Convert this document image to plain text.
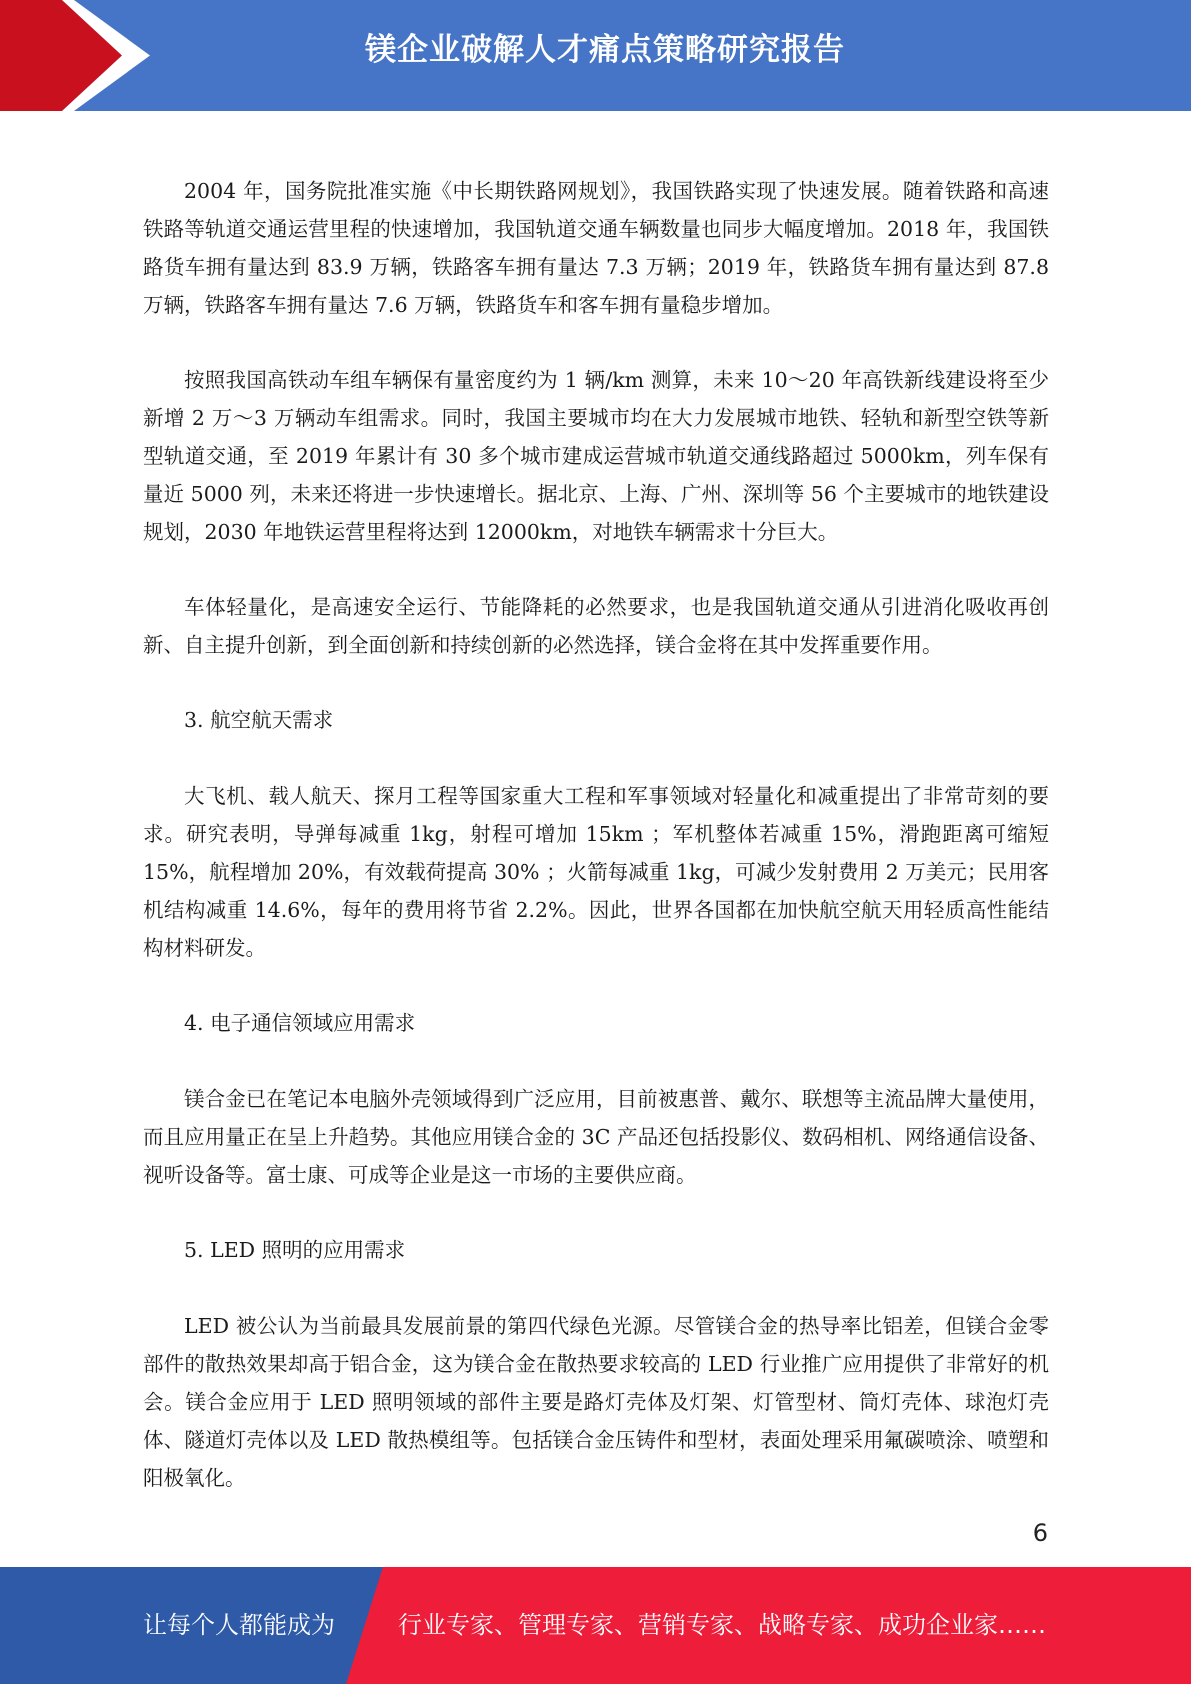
镁企业破解人才痛点策略研究报告

2004 年，国务院批准实施《中长期铁路网规划》，我国铁路实现了快速发展。随着铁路和高速铁路等轨道交通运营里程的快速增加，我国轨道交通车辆数量也同步大幅度增加。2018 年，我国铁路货车拥有量达到 83.9 万辆，铁路客车拥有量达 7.3 万辆；2019 年，铁路货车拥有量达到 87.8 万辆，铁路客车拥有量达 7.6 万辆，铁路货车和客车拥有量稳步增加。

按照我国高铁动车组车辆保有量密度约为 1 辆/km 测算，未来 10～20 年高铁新线建设将至少新增 2 万～3 万辆动车组需求。同时，我国主要城市均在大力发展城市地铁、轻轨和新型空铁等新型轨道交通，至 2019 年累计有 30 多个城市建成运营城市轨道交通线路超过 5000km，列车保有量近 5000 列，未来还将进一步快速增长。据北京、上海、广州、深圳等 56 个主要城市的地铁建设规划，2030 年地铁运营里程将达到 12000km，对地铁车辆需求十分巨大。

车体轻量化，是高速安全运行、节能降耗的必然要求，也是我国轨道交通从引进消化吸收再创新、自主提升创新，到全面创新和持续创新的必然选择，镁合金将在其中发挥重要作用。

3. 航空航天需求

大飞机、载人航天、探月工程等国家重大工程和军事领域对轻量化和减重提出了非常苛刻的要求。研究表明，导弹每减重 1kg，射程可增加 15km ；军机整体若减重 15%，滑跑距离可缩短 15%，航程增加 20%，有效载荷提高 30% ；火箭每减重 1kg，可减少发射费用 2 万美元；民用客机结构减重 14.6%，每年的费用将节省 2.2%。因此，世界各国都在加快航空航天用轻质高性能结构材料研发。

4. 电子通信领域应用需求

镁合金已在笔记本电脑外壳领域得到广泛应用，目前被惠普、戴尔、联想等主流品牌大量使用，而且应用量正在呈上升趋势。其他应用镁合金的 3C 产品还包括投影仪、数码相机、网络通信设备、视听设备等。富士康、可成等企业是这一市场的主要供应商。

5. LED 照明的应用需求

LED 被公认为当前最具发展前景的第四代绿色光源。尽管镁合金的热导率比铝差，但镁合金零部件的散热效果却高于铝合金，这为镁合金在散热要求较高的 LED 行业推广应用提供了非常好的机会。镁合金应用于 LED 照明领域的部件主要是路灯壳体及灯架、灯管型材、筒灯壳体、球泡灯壳体、隧道灯壳体以及 LED 散热模组等。包括镁合金压铸件和型材，表面处理采用氟碳喷涂、喷塑和阳极氧化。

6
让每个人都能成为	行业专家、管理专家、营销专家、战略专家、成功企业家……
